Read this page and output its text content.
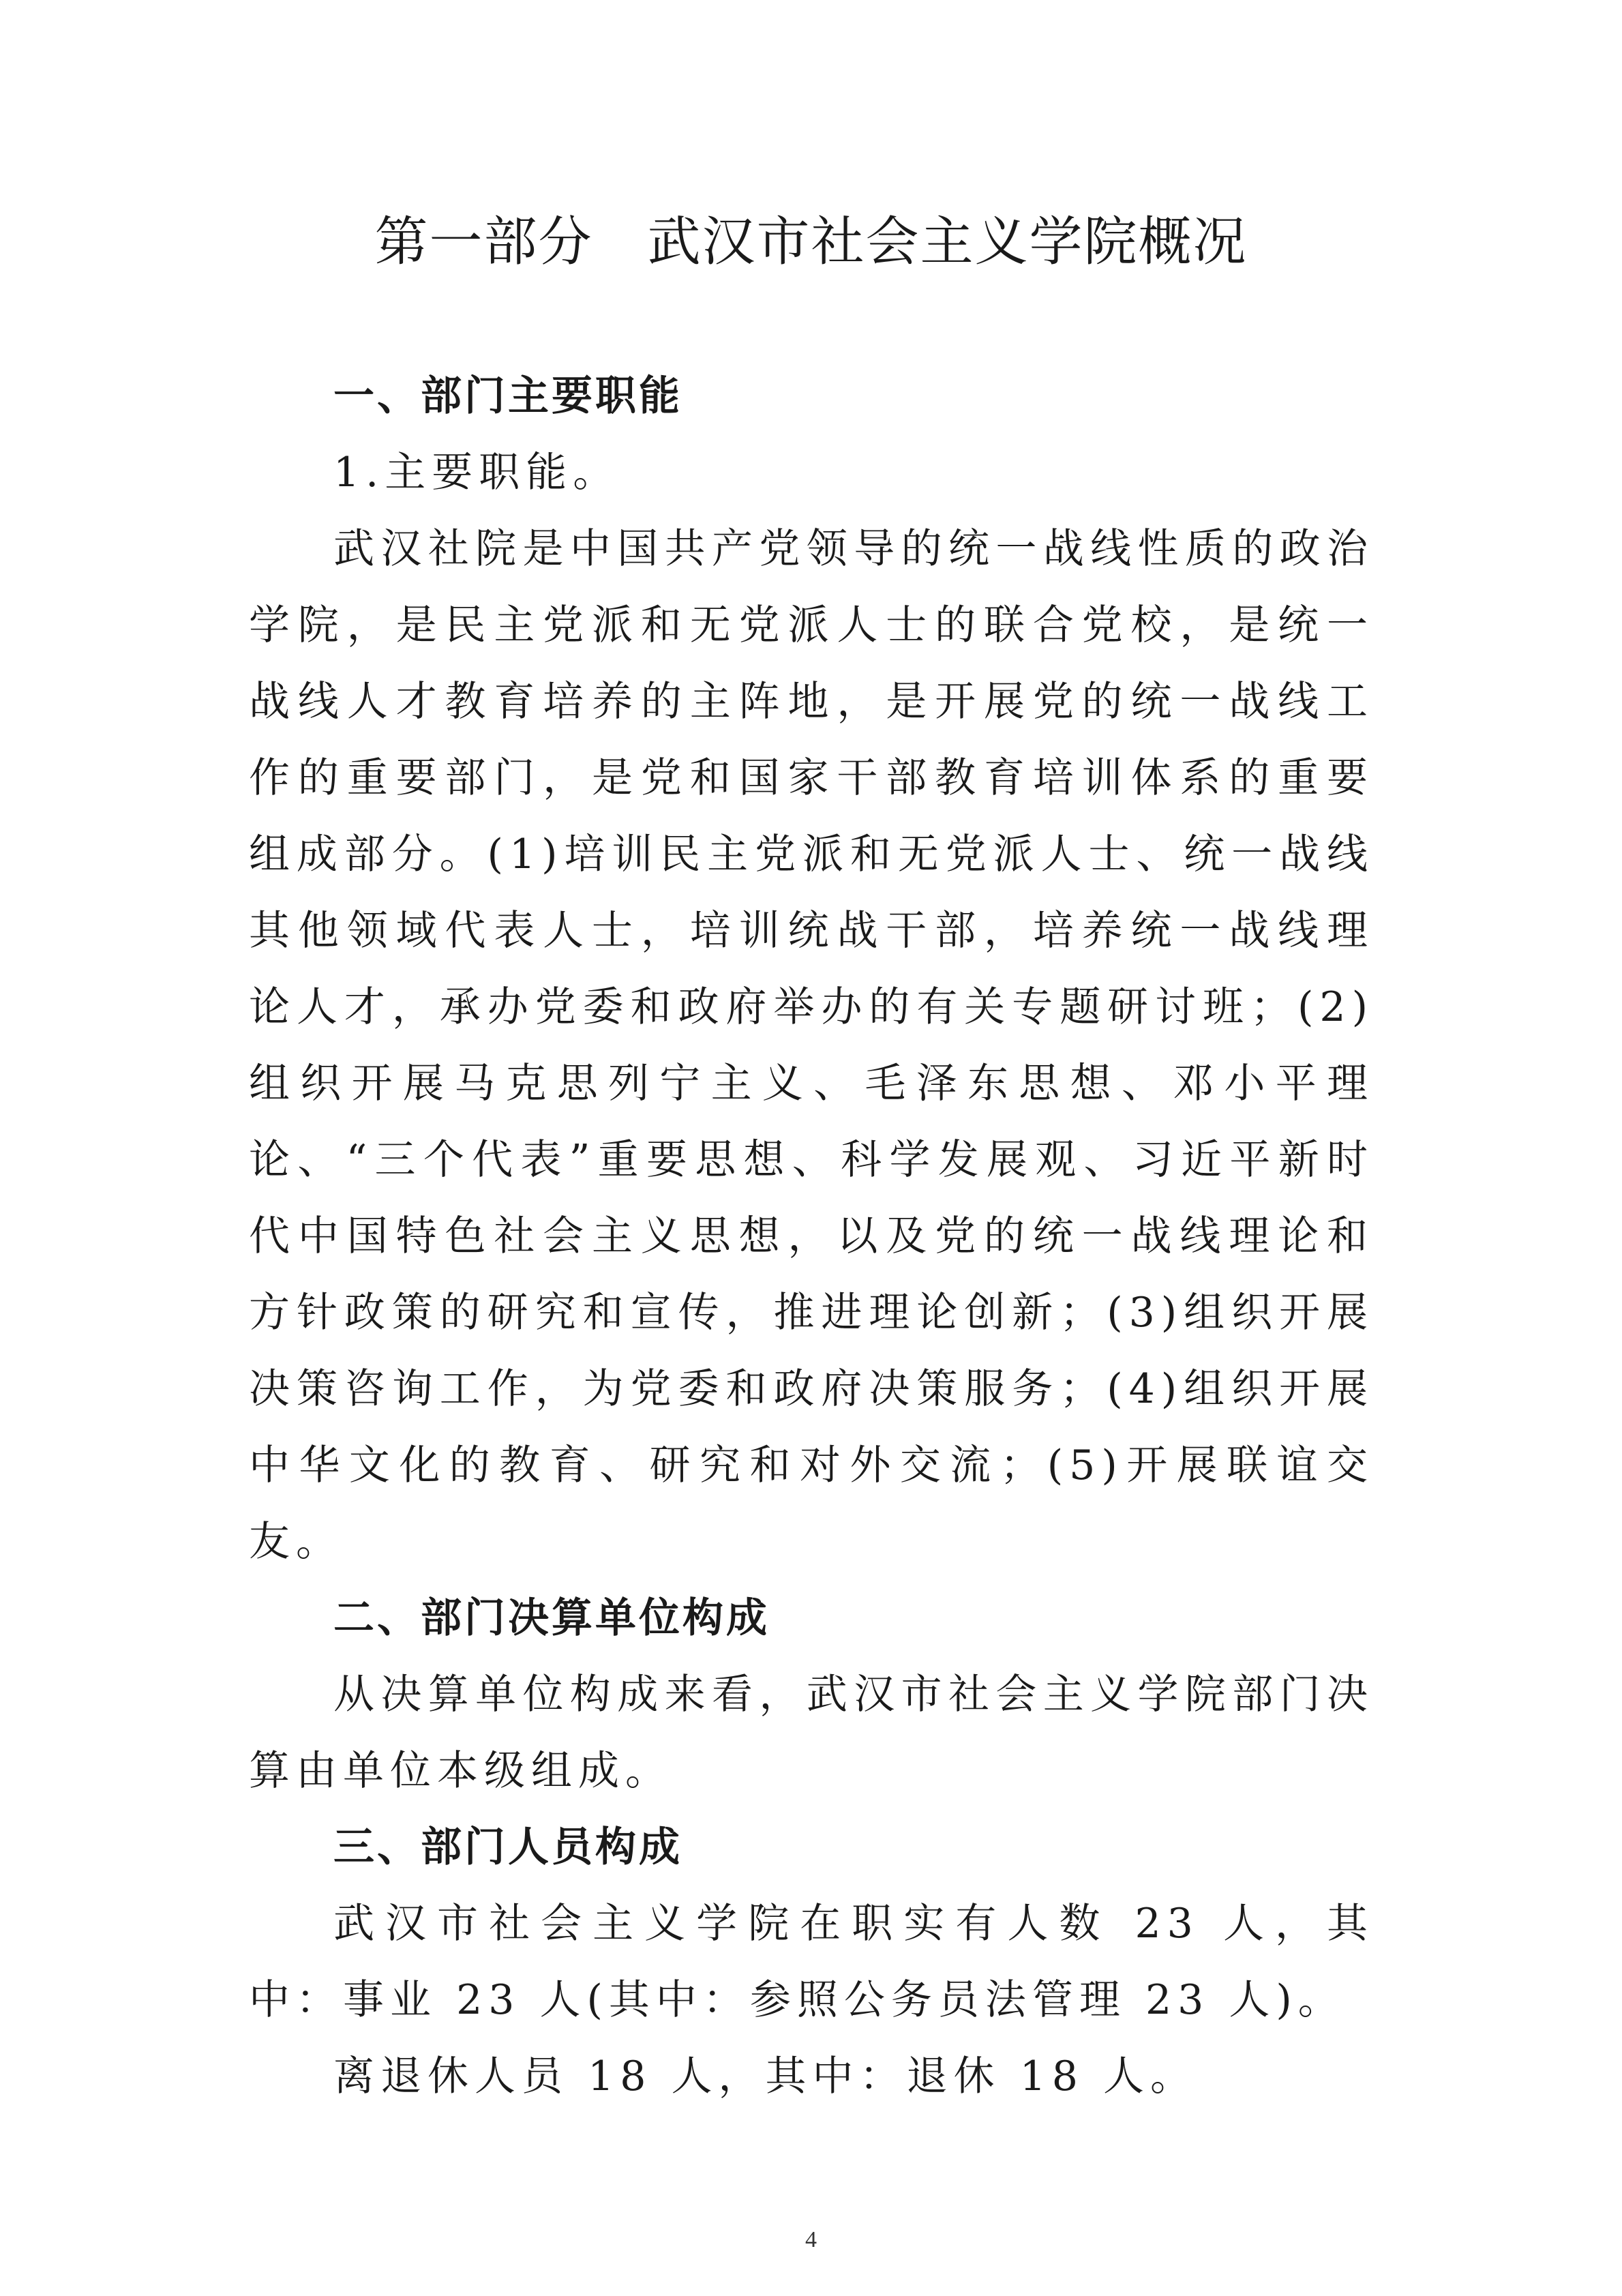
第一部分　武汉市社会主义学院概况
一、部门主要职能

1.主要职能。

武汉社院是中国共产党领导的统一战线性质的政治学院，是民主党派和无党派人士的联合党校，是统一战线人才教育培养的主阵地，是开展党的统一战线工作的重要部门，是党和国家干部教育培训体系的重要组成部分。(1)培训民主党派和无党派人士、统一战线其他领域代表人士，培训统战干部，培养统一战线理论人才，承办党委和政府举办的有关专题研讨班；(2)组织开展马克思列宁主义、毛泽东思想、邓小平理论、“三个代表”重要思想、科学发展观、习近平新时代中国特色社会主义思想，以及党的统一战线理论和方针政策的研究和宣传，推进理论创新；(3)组织开展决策咨询工作，为党委和政府决策服务；(4)组织开展中华文化的教育、研究和对外交流；(5)开展联谊交友。

二、部门决算单位构成

从决算单位构成来看，武汉市社会主义学院部门决算由单位本级组成。

三、部门人员构成

武汉市社会主义学院在职实有人数 23 人，其中：事业 23 人(其中：参照公务员法管理 23 人)。

离退休人员 18 人，其中：退休 18 人。

4
